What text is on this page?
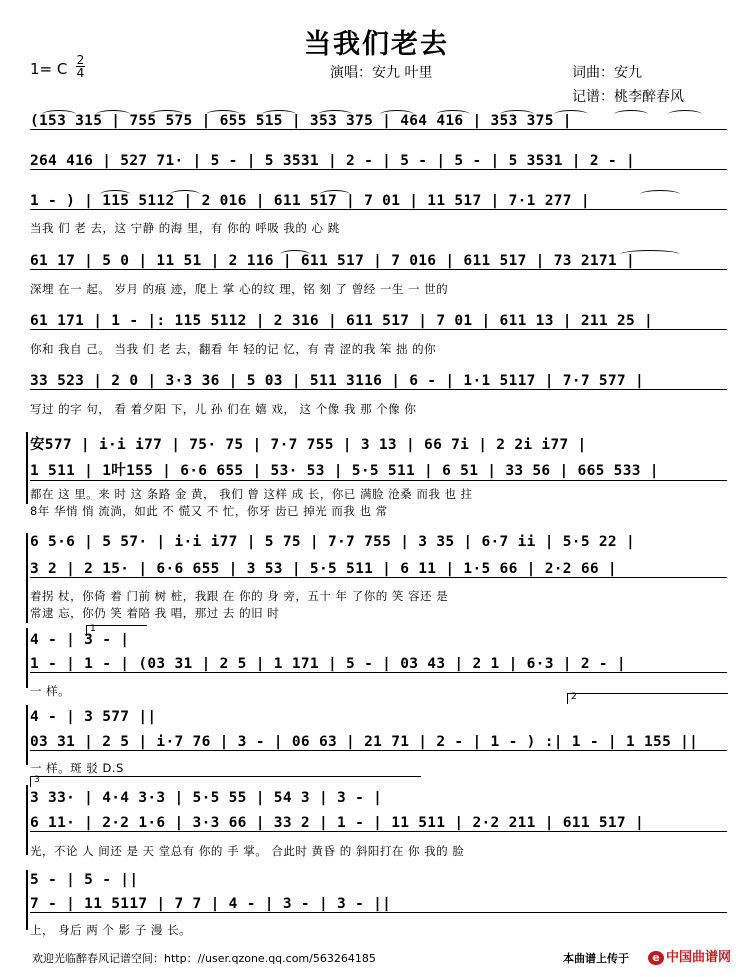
当我们老去
1= C 2
4	演唱：安九 叶里	词曲：安九
记谱：桃李醉春风
(153 315 | 755 575 | 655 515 | 353 375 | 464 416 | 353 375 |
264 416 | 527 71· | 5 - | 5 3531 | 2 - | 5 - | 5 - | 5 3531 | 2 - |
1 - ) | 115 5112 | 2 016 | 611 517 | 7 01 | 11 517 | 7·1 277 |
当我 们 老 去，这 宁静 的海 里，有 你的 呼吸 我的 心 跳
61 17 | 5 0 | 11 51 | 2 116 | 611 517 | 7 016 | 611 517 | 73 2171 |
深埋 在一 起。 岁月 的痕 迹，爬上 掌 心的纹 理，铭 刻 了 曾经 一生 一 世的
61 171 | 1 - |: 115 5112 | 2 316 | 611 517 | 7 01 | 611 13 | 211 25 |
你和 我自 己。 当我 们 老 去，翻看 年 轻的记 忆，有 青 涩的我 笨 拙 的你
33 523 | 2 0 | 3·3 36 | 5 03 | 511 3116 | 6 - | 1·1 5117 | 7·7 577 |
写过 的字 句， 看 着夕阳 下，儿 孙 们在 嬉 戏， 这 个像 我 那 个像 你
安577 | i·i i77 | 75· 75 | 7·7 755 | 3 13 | 66 7i | 2 2i i77 |
1 511 | 1叶155 | 6·6 655 | 53· 53 | 5·5 511 | 6 51 | 33 56 | 665 533 |
都在 这 里。来 时 这 条路 金 黄， 我们 曾 这样 成 长，你已 满脸 沧桑 而我 也 拄
8年 华悄 悄 流淌，如此 不 慌又 不 忙，你牙 齿已 掉光 而我 也 常
6 5·6 | 5 57· | i·i i77 | 5 75 | 7·7 755 | 3 35 | 6·7 ii | 5·5 22 |
3 2 | 2 15· | 6·6 655 | 3 53 | 5·5 511 | 6 11 | 1·5 66 | 2·2 66 |
着拐 杖，你倚 着 门前 树 桩，我跟 在 你的 身 旁，五十 年 了你的 笑 容还 是
常逮 忘，你仍 笑 着陪 我 唱，那过 去 的旧 时
1
4 - | 3 - |
1 - | 1 - | (03 31 | 2 5 | 1 171 | 5 - | 03 43 | 2 1 | 6·3 | 2 - |
一 样。	2
4 - | 3 577 ||
03 31 | 2 5 | i·7 76 | 3 - | 06 63 | 21 71 | 2 - | 1 - ) :| 1 - | 1 155 ||
一 样。斑 驳 D.S
3
3 33· | 4·4 3·3 | 5·5 55 | 54 3 | 3 - |
6 11· | 2·2 1·6 | 3·3 66 | 33 2 | 1 - | 11 511 | 2·2 211 | 611 517 |
光，不论 人 间还 是 天 堂总有 你的 手 掌。 合此时 黄昏 的 斜阳打在 你 我的 脸
5 - | 5 - ||
7 - | 11 5117 | 7 7 | 4 - | 3 - | 3 - ||
上， 身后 两 个 影 子 漫 长。
欢迎光临醉春风记谱空间：http：//user.qzone.qq.com/563264185	本曲谱上传于	e 中国曲谱网
